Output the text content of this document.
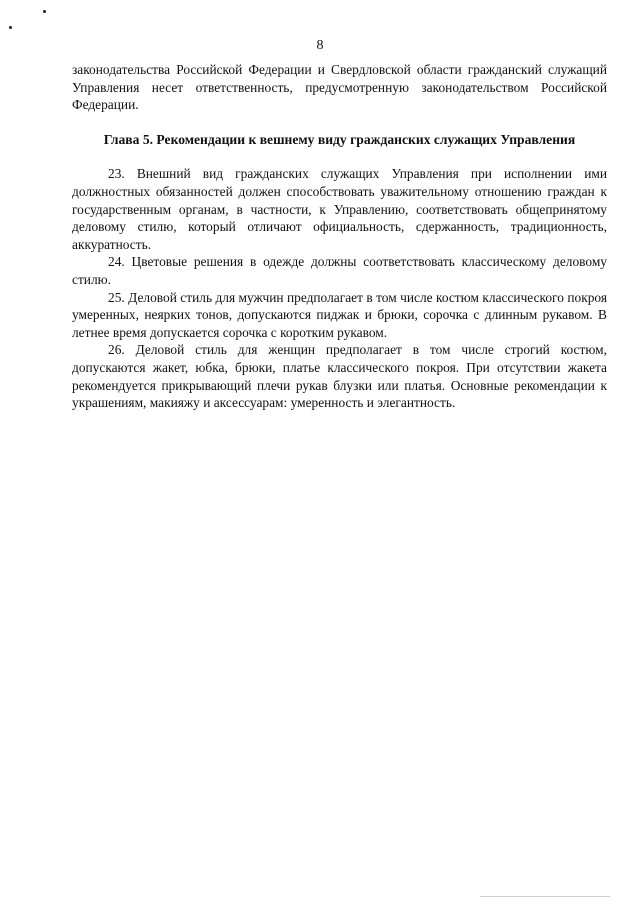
8

законодательства Российской Федерации и Свердловской области гражданский служащий Управления несет ответственность, предусмотренную законодательством Российской Федерации.

Глава 5. Рекомендации к вешнему виду гражданских служащих Управления

23. Внешний вид гражданских служащих Управления при исполнении ими должностных обязанностей должен способствовать уважительному отношению граждан к государственным органам, в частности, к Управлению, соответствовать общепринятому деловому стилю, который отличают официальность, сдержанность, традиционность, аккуратность.

24. Цветовые решения в одежде должны соответствовать классическому деловому стилю.

25. Деловой стиль для мужчин предполагает в том числе костюм классического покроя умеренных, неярких тонов, допускаются пиджак и брюки, сорочка с длинным рукавом. В летнее время допускается сорочка с коротким рукавом.

26. Деловой стиль для женщин предполагает в том числе строгий костюм, допускаются жакет, юбка, брюки, платье классического покроя. При отсутствии жакета рекомендуется прикрывающий плечи рукав блузки или платья. Основные рекомендации к украшениям, макияжу и аксессуарам: умеренность и элегантность.
